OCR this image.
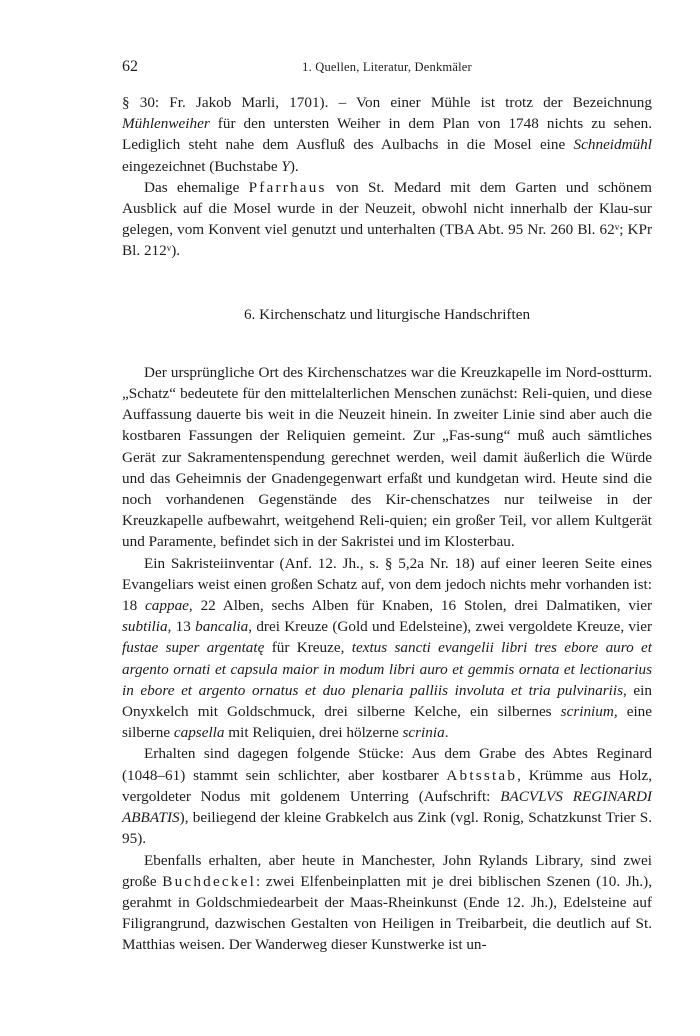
62	1. Quellen, Literatur, Denkmäler

§ 30: Fr. Jakob Marli, 1701). – Von einer Mühle ist trotz der Bezeichnung Mühlenweiher für den untersten Weiher in dem Plan von 1748 nichts zu sehen. Lediglich steht nahe dem Ausfluß des Aulbachs in die Mosel eine Schneidmühl eingezeichnet (Buchstabe Y).

Das ehemalige Pfarrhaus von St. Medard mit dem Garten und schönem Ausblick auf die Mosel wurde in der Neuzeit, obwohl nicht innerhalb der Klau-sur gelegen, vom Konvent viel genutzt und unterhalten (TBA Abt. 95 Nr. 260 Bl. 62ᵛ; KPr Bl. 212ᵛ).

6. Kirchenschatz und liturgische Handschriften

Der ursprüngliche Ort des Kirchenschatzes war die Kreuzkapelle im Nord-ostturm. „Schatz“ bedeutete für den mittelalterlichen Menschen zunächst: Reli-quien, und diese Auffassung dauerte bis weit in die Neuzeit hinein. In zweiter Linie sind aber auch die kostbaren Fassungen der Reliquien gemeint. Zur „Fas-sung“ muß auch sämtliches Gerät zur Sakramentenspendung gerechnet werden, weil damit äußerlich die Würde und das Geheimnis der Gnadengegenwart erfaßt und kundgetan wird. Heute sind die noch vorhandenen Gegenstände des Kir-chenschatzes nur teilweise in der Kreuzkapelle aufbewahrt, weitgehend Reli-quien; ein großer Teil, vor allem Kultgerät und Paramente, befindet sich in der Sakristei und im Klosterbau.

Ein Sakristeiinventar (Anf. 12. Jh., s. § 5,2a Nr. 18) auf einer leeren Seite eines Evangeliars weist einen großen Schatz auf, von dem jedoch nichts mehr vorhanden ist: 18 cappae, 22 Alben, sechs Alben für Knaben, 16 Stolen, drei Dalmatiken, vier subtilia, 13 bancalia, drei Kreuze (Gold und Edelsteine), zwei vergoldete Kreuze, vier fustae super argentatę für Kreuze, textus sancti evangelii libri tres ebore auro et argento ornati et capsula maior in modum libri auro et gemmis ornata et lectionarius in ebore et argento ornatus et duo plenaria palliis involuta et tria pulvinariis, ein Onyxkelch mit Goldschmuck, drei silberne Kelche, ein silbernes scrinium, eine silberne capsella mit Reliquien, drei hölzerne scrinia.

Erhalten sind dagegen folgende Stücke: Aus dem Grabe des Abtes Reginard (1048–61) stammt sein schlichter, aber kostbarer Abtsstab, Krümme aus Holz, vergoldeter Nodus mit goldenem Unterring (Aufschrift: BACVLVS REGINARDI ABBATIS), beiliegend der kleine Grabkelch aus Zink (vgl. Ronig, Schatzkunst Trier S. 95).

Ebenfalls erhalten, aber heute in Manchester, John Rylands Library, sind zwei große Buchdeckel: zwei Elfenbeinplatten mit je drei biblischen Szenen (10. Jh.), gerahmt in Goldschmiedearbeit der Maas-Rheinkunst (Ende 12. Jh.), Edelsteine auf Filigrangrund, dazwischen Gestalten von Heiligen in Treibarbeit, die deutlich auf St. Matthias weisen. Der Wanderweg dieser Kunstwerke ist un-
